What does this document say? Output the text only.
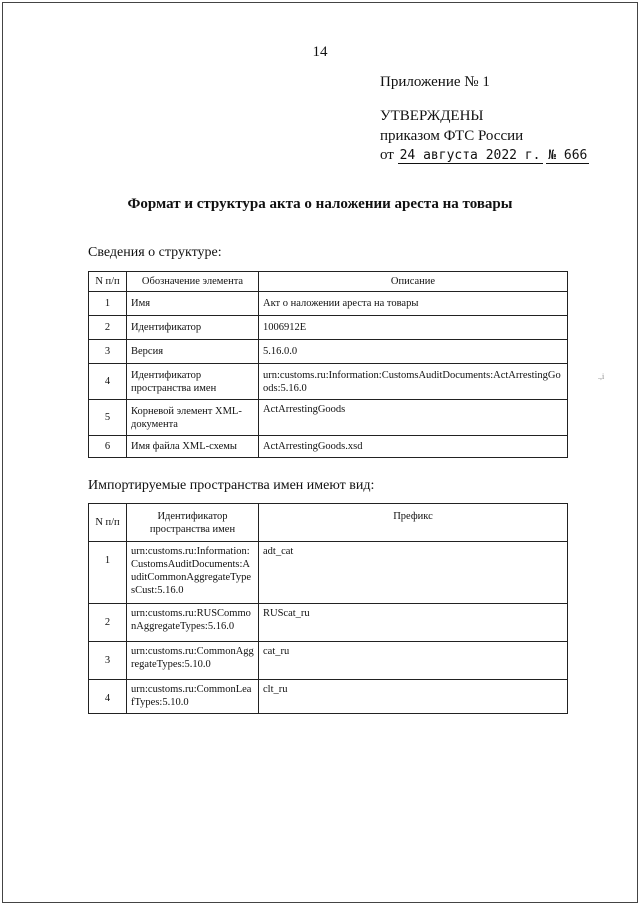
14
Приложение № 1
УТВЕРЖДЕНЫ
приказом ФТС России
от 24 августа 2022 г. № 666
Формат и структура акта о наложении ареста на товары
Сведения о структуре:
N п/п	Обозначение элемента	Описание
1	Имя	Акт о наложении ареста на товары
2	Идентификатор	1006912E
3	Версия	5.16.0.0
4	Идентификатор пространства имен	urn:customs.ru:Information:CustomsAuditDocuments:ActArrestingGoods:5.16.0
5	Корневой элемент XML-документа	ActArrestingGoods
6	Имя файла XML-схемы	ActArrestingGoods.xsd
.,i
Импортируемые пространства имен имеют вид:
N п/п	Идентификатор пространства имен	Префикс
1	urn:customs.ru:Information:CustomsAuditDocuments:AuditCommonAggregateTypesCust:5.16.0	adt_cat
2	urn:customs.ru:RUSCommonAggregateTypes:5.16.0	RUScat_ru
3	urn:customs.ru:CommonAggregateTypes:5.10.0	cat_ru
4	urn:customs.ru:CommonLeafTypes:5.10.0	clt_ru
